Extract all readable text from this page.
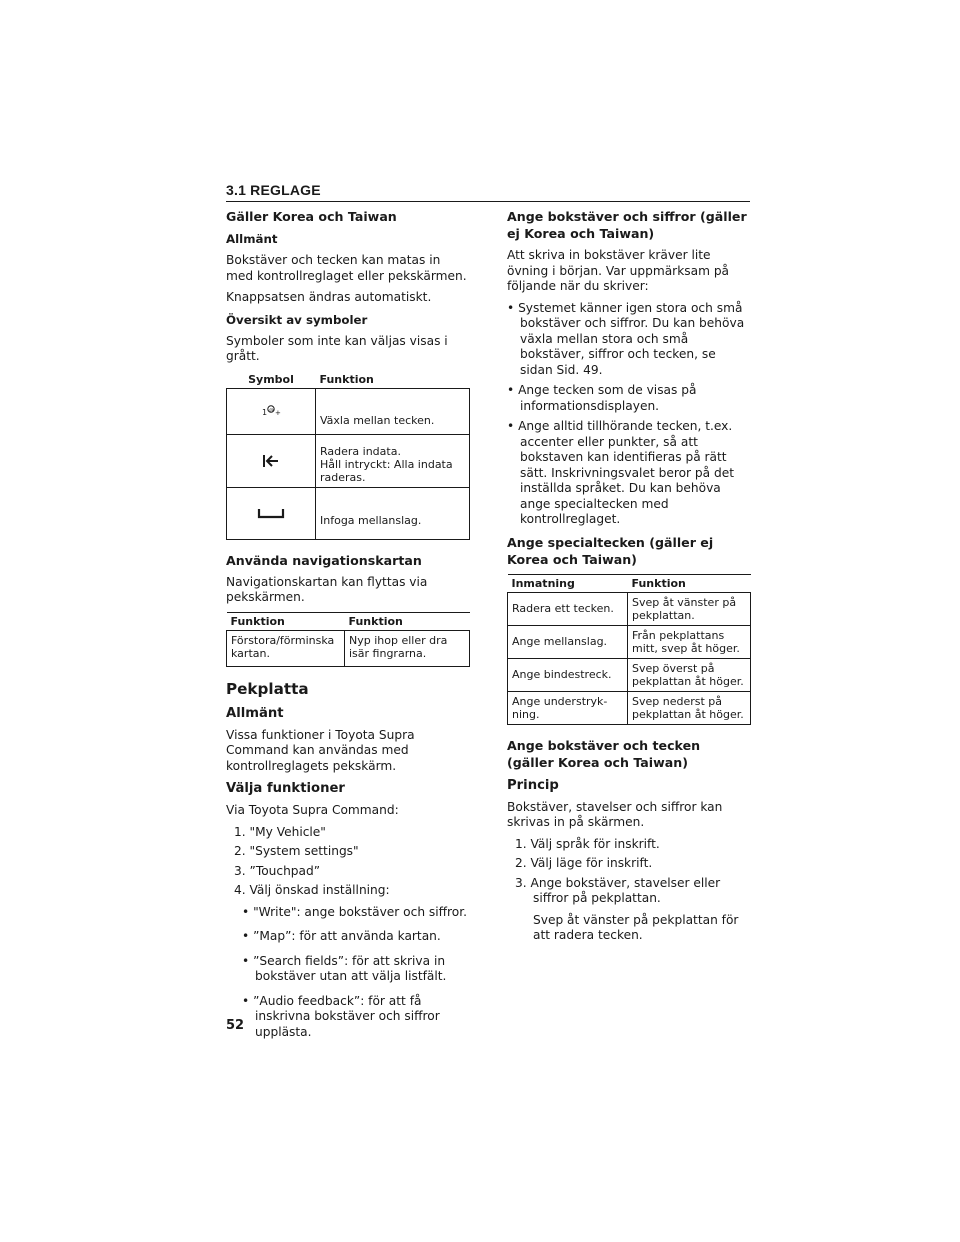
3.1 REGLAGE
Gäller Korea och Taiwan
Allmänt

Bokstäver och tecken kan matas in med kontrollreglaget eller pekskärmen.

Knappsatsen ändras automatiskt.

Översikt av symboler

Symboler som inte kan väljas visas i grått.

Symbol	Funktion

1 @ +	Växla mellan tecken.
	Radera indata.
Håll intryckt: Alla indata raderas.
	Infoga mellanslag.
Använda navigationskartan

Navigationskartan kan flyttas via pekskärmen.

Funktion	Funktion
Förstora/förminska kartan.	Nyp ihop eller dra isär fingrarna.
Pekplatta
Allmänt

Vissa funktioner i Toyota Supra Command kan användas med kontrollreglagets pekskärm.

Välja funktioner

Via Toyota Supra Command:

1. "My Vehicle"
2. "System settings"
3. ”Touchpad”
4. Välj önskad inställning:
• "Write": ange bokstäver och siffror.
• ”Map”: för att använda kartan.
• ”Search fields”: för att skriva in bokstäver utan att välja listfält.
• ”Audio feedback”: för att få inskrivna bokstäver och siffror upplästa.
Ange bokstäver och siffror (gäller ej Korea och Taiwan)

Att skriva in bokstäver kräver lite övning i början. Var uppmärksam på följande när du skriver:

• Systemet känner igen stora och små bokstäver och siffror. Du kan behöva växla mellan stora och små bokstäver, siffror och tecken, se sidan Sid. 49.
• Ange tecken som de visas på informationsdisplayen.
• Ange alltid tillhörande tecken, t.ex. accenter eller punkter, så att bokstaven kan identifieras på rätt sätt. Inskrivningsvalet beror på det inställda språket. Du kan behöva ange specialtecken med kontrollreglaget.
Ange specialtecken (gäller ej Korea och Taiwan)
Inmatning	Funktion
Radera ett tecken.	Svep åt vänster på pekplattan.
Ange mellanslag.	Från pekplattans mitt, svep åt höger.
Ange bindestreck.	Svep överst på pekplattan åt höger.
Ange understryk-ning.	Svep nederst på pekplattan åt höger.
Ange bokstäver och tecken (gäller Korea och Taiwan)
Princip

Bokstäver, stavelser och siffror kan skrivas in på skärmen.

1. Välj språk för inskrift.
2. Välj läge för inskrift.
3. Ange bokstäver, stavelser eller siffror på pekplattan.
Svep åt vänster på pekplattan för att radera tecken.
52
